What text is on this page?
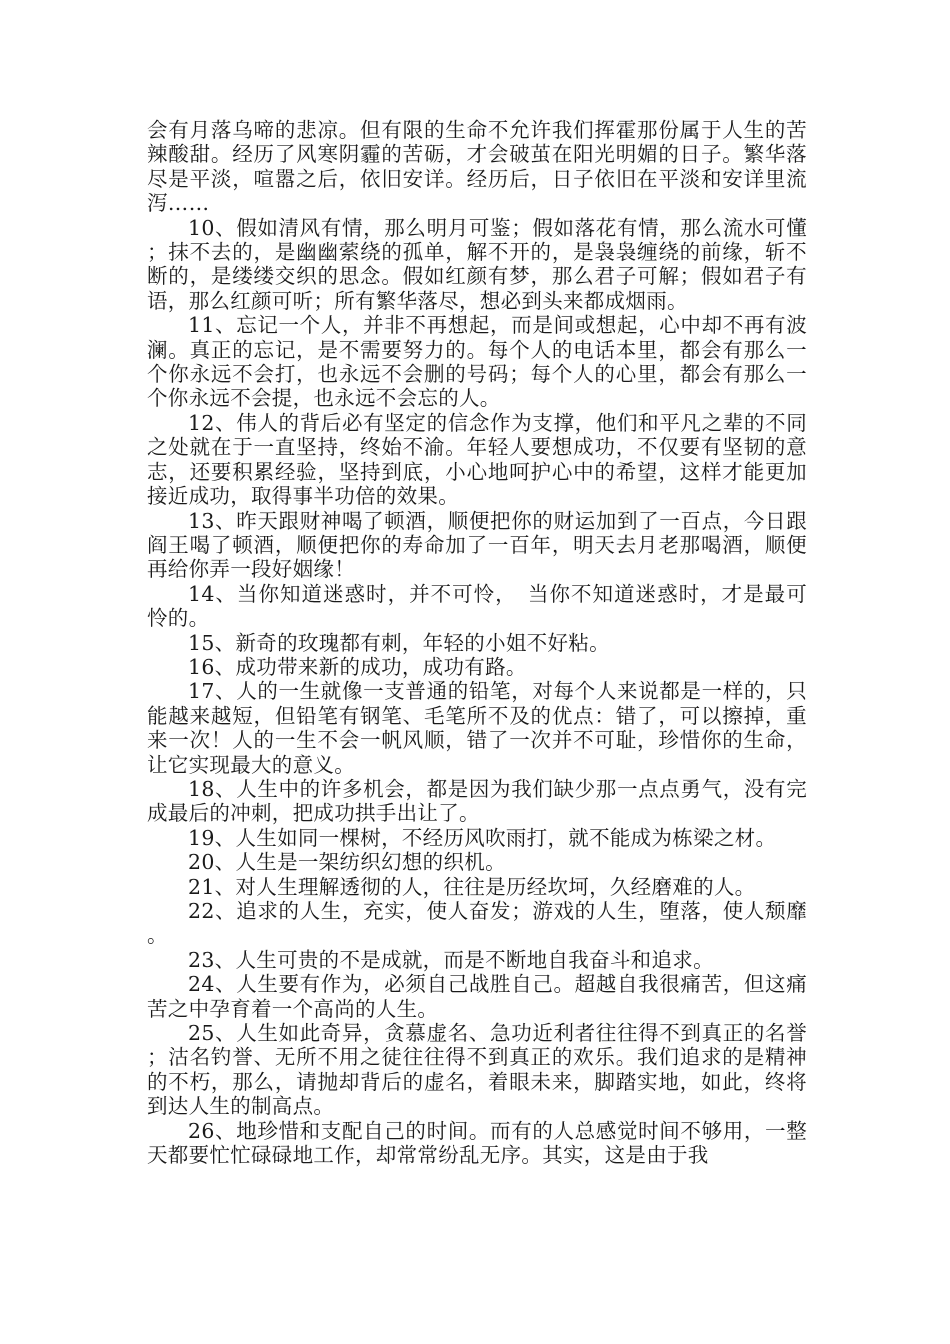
会有月落乌啼的悲凉。但有限的生命不允许我们挥霍那份属于人生的苦辣酸甜。经历了风寒阴霾的苦砺，才会破茧在阳光明媚的日子。繁华落尽是平淡，喧嚣之后，依旧安详。经历后，日子依旧在平淡和安详里流泻……

10、假如清风有情，那么明月可鉴；假如落花有情，那么流水可懂；抹不去的，是幽幽萦绕的孤单，解不开的，是袅袅缠绕的前缘，斩不断的，是缕缕交织的思念。假如红颜有梦，那么君子可解；假如君子有语，那么红颜可听；所有繁华落尽，想必到头来都成烟雨。

11、忘记一个人，并非不再想起，而是间或想起，心中却不再有波澜。真正的忘记，是不需要努力的。每个人的电话本里，都会有那么一个你永远不会打，也永远不会删的号码；每个人的心里，都会有那么一个你永远不会提，也永远不会忘的人。

12、伟人的背后必有坚定的信念作为支撑，他们和平凡之辈的不同之处就在于一直坚持，终始不渝。年轻人要想成功，不仅要有坚韧的意志，还要积累经验，坚持到底，小心地呵护心中的希望，这样才能更加接近成功，取得事半功倍的效果。

13、昨天跟财神喝了顿酒，顺便把你的财运加到了一百点，今日跟阎王喝了顿酒，顺便把你的寿命加了一百年，明天去月老那喝酒，顺便再给你弄一段好姻缘！

14、当你知道迷惑时，并不可怜，　当你不知道迷惑时，才是最可怜的。

15、新奇的玫瑰都有刺，年轻的小姐不好粘。

16、成功带来新的成功，成功有路。

17、人的一生就像一支普通的铅笔，对每个人来说都是一样的，只能越来越短，但铅笔有钢笔、毛笔所不及的优点：错了，可以擦掉，重来一次！人的一生不会一帆风顺，错了一次并不可耻，珍惜你的生命，让它实现最大的意义。

18、人生中的许多机会，都是因为我们缺少那一点点勇气，没有完成最后的冲刺，把成功拱手出让了。

19、人生如同一棵树，不经历风吹雨打，就不能成为栋梁之材。

20、人生是一架纺织幻想的织机。

21、对人生理解透彻的人，往往是历经坎坷，久经磨难的人。

22、追求的人生，充实，使人奋发；游戏的人生，堕落，使人颓靡。

23、人生可贵的不是成就，而是不断地自我奋斗和追求。

24、人生要有作为，必须自己战胜自己。超越自我很痛苦，但这痛苦之中孕育着一个高尚的人生。

25、人生如此奇异，贪慕虚名、急功近利者往往得不到真正的名誉；沽名钓誉、无所不用之徒往往得不到真正的欢乐。我们追求的是精神的不朽，那么，请抛却背后的虚名，着眼未来，脚踏实地，如此，终将到达人生的制高点。

26、地珍惜和支配自己的时间。而有的人总感觉时间不够用，一整天都要忙忙碌碌地工作，却常常纷乱无序。其实，这是由于我
